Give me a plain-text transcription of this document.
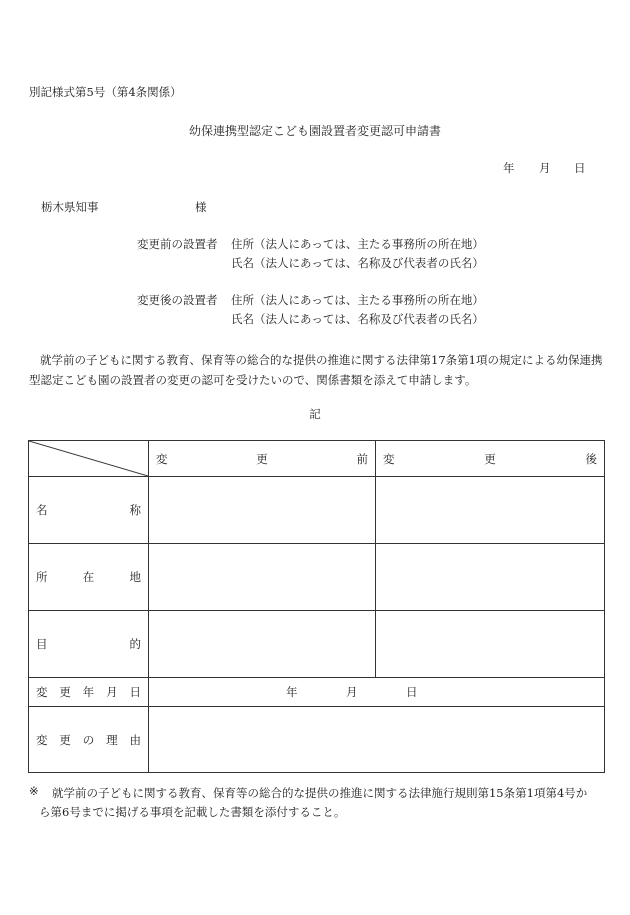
別記様式第5号（第4条関係）
幼保連携型認定こども園設置者変更認可申請書
年 月 日
栃木県知事	様
変更前の設置者 住所（法人にあっては、主たる事務所の所在地）
氏名（法人にあっては、名称及び代表者の氏名）
変更後の設置者 住所（法人にあっては、主たる事務所の所在地）
氏名（法人にあっては、名称及び代表者の氏名）
就学前の子どもに関する教育、保育等の総合的な提供の推進に関する法律第17条第1項の規定による幼保連携型認定こども園の設置者の変更の認可を受けたいので、関係書類を添えて申請します。
記

変 更 前	変 更 後

名 称		

所 在 地		

目 的		

変 更 年 月 日	年 月 日	

変 更 の 理 由		

※ 就学前の子どもに関する教育、保育等の総合的な提供の推進に関する法律施行規則第15条第1項第4号か
ら第6号までに掲げる事項を記載した書類を添付すること。
